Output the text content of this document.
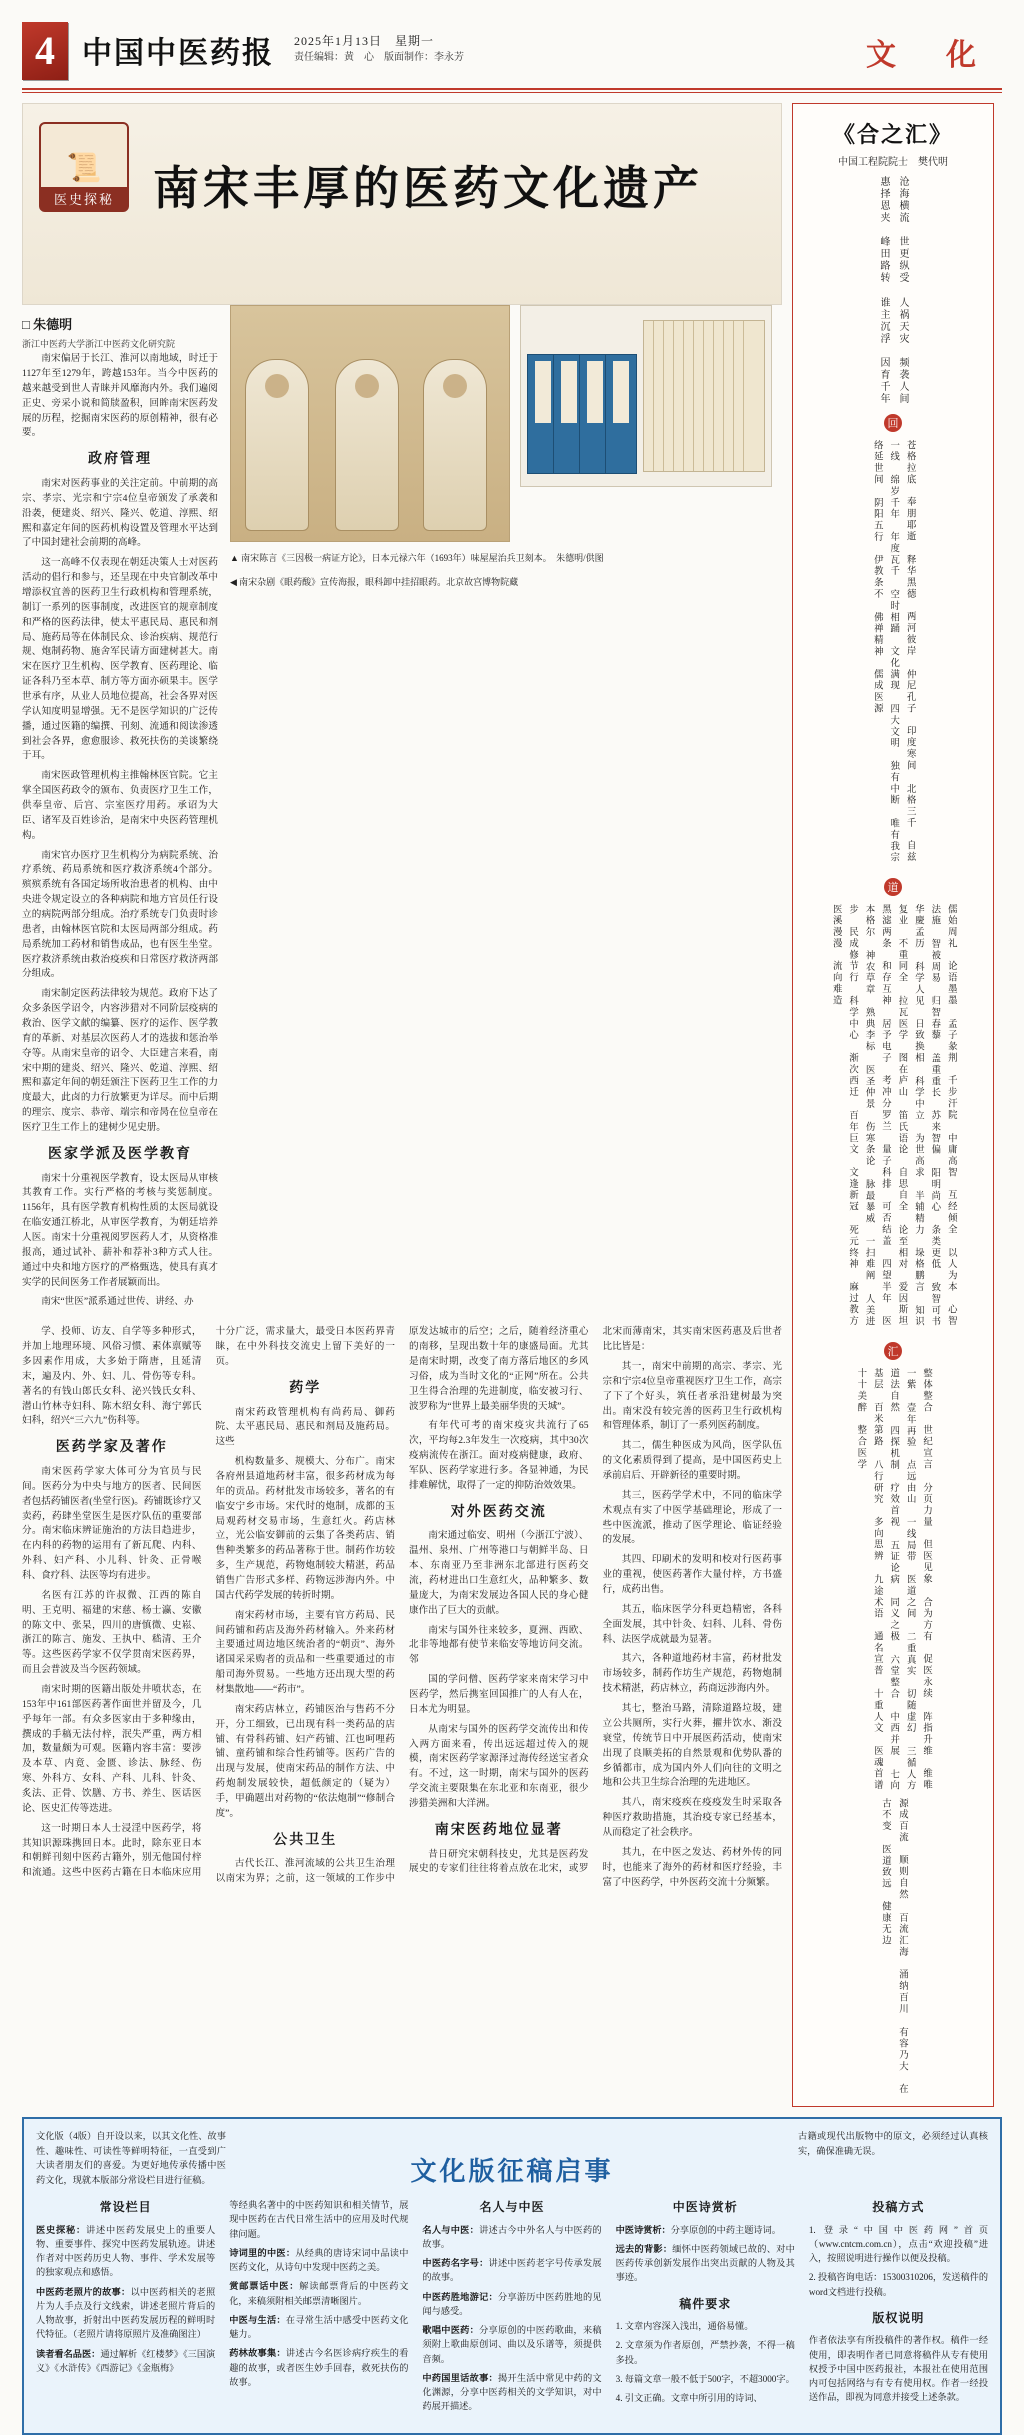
4 中国中医药报 2025年1月13日　星期一
责任编辑：黄　心　版面制作：李永芳	文　化
📜
医史探秘 南宋丰厚的医药文化遗产
□ 朱德明
浙江中医药大学浙江中医药文化研究院

南宋偏居于长江、淮河以南地域，时迁于1127年至1279年，跨越153年。当今中医药的越来越受到世人青睐并风靡海内外。我们遍阅正史、旁采小说和简牍盈积，回眸南宋医药发展的历程，挖掘南宋医药的原创精神，很有必要。

政府管理

南宋对医药事业的关注定前。中前期的高宗、孝宗、光宗和宁宗4位皇帝颁发了承袭和沿袭，便建炎、绍兴、隆兴、乾道、淳熙、绍熙和嘉定年间的医药机构设置及管理水平达到了中国封建社会前期的高峰。

这一高峰不仅表现在朝廷决策人士对医药活动的倡行和参与，还呈现在中央官制改革中增添权宜善的医药卫生行政机构和管理系统，制订一系列的医事制度，改进医官的规章制度和严格的医药法律，使太平惠民局、惠民和剂局、施药局等在体制民众、诊治疾病、规范行规、炮制药物、施舍军民请方面建树甚大。南宋在医疗卫生机构、医学教育、医药理论、临证各科乃至本草、制方等方面亦硕果丰。医学世承有序，从业人员地位提高，社会各界对医学认知度明显增强。无不是医学知识的广泛传播，通过医籍的编撰、刊刻、流通和阅读渗透到社会各界，愈愈服诊、救死扶伤的美谈繁绕于耳。

南宋医政管理机构主推翰林医官院。它主掌全国医药政令的颁布、负责医疗卫生工作，供奉皇帝、后宫、宗室医疗用药。承诏为大臣、诸军及百姓诊治，是南宋中央医药管理机构。

南宋官办医疗卫生机构分为病院系统、治疗系统、药局系统和医疗救济系统4个部分。殡殡系统有各国定场所收治患者的机构、由中央进令规定设立的各种病院和地方官员任行设立的病院两部分组成。治疗系统专门负责时诊患者，由翰林医官院和太医局两部分组成。药局系统加工药材和销售成品，也有医生坐堂。医疗救济系统由救治疫疾和日常医疗救济两部分组成。

南宋制定医药法律较为规范。政府下达了众多条医学诏令，内容涉猎对不同阶层疫病的救治、医学文献的编纂、医疗的运作、医学教育的革新、对基层次医药人才的选拔和惩治举夺等。从南宋皇帝的诏令、大臣建言来看，南宋中期的建炎、绍兴、隆兴、乾道、淳熙、绍熙和嘉定年间的朝廷颁注下医药卫生工作的力度最大，此卤的力行放繁更为详尽。而中后期的理宗、度宗、恭帝、端宗和帝昺在位皇帝在医疗卫生工作上的建树少见史册。

医家学派及医学教育

南宋十分重视医学教育，设太医局从审核其教育工作。实行严格的考核与奖惩制度。1156年，具有医学教育机构性质的太医局就设在临安通江桥北，从审医学教育，为朝廷培养人医。南宋十分重视阅罗医药人才，从资格准报高，通过试补、薪补和荐补3种方式人往。通过中央和地方医疗的严格甄选，使具有真才实学的民间医务工作者展颖而出。

南宋“世医”派系通过世传、讲经、办

▲ 南宋陈言《三因极一病证方论》，日本元禄六年（1693年）味屋屋治兵卫刻本。　朱德明/供图
◀ 南宋杂剧《眼药酸》宣传海报，眼科卸中挂招眼药。北京故宫博物院藏

学、投师、访友、自学等多种形式，并加上地理环境、风俗习惯、素体禀赋等多因素作用成，大多始于隋唐，且延清末，遍及内、外、妇、儿、骨伤等专科。著名的有钱山郎氏女科、泌兴钱氏女科、潜山竹林寺妇科、陈木绍女科、海宁郭氏妇科，绍兴“三六九”伤科等。

医药学家及著作

南宋医药学家大体可分为官员与民间。医药分为中央与地方的医者、民间医者包括药铺医者(坐堂行医)。药铺既诊疗又卖药，药肆坐堂医生是医疗队伍的重要部分。南宋临床辨证施治的方法目趋进步，在内科的药物的运用有了新瓦爬、内科、外科、妇产科、小儿科、针灸、正骨喉科、食疗科、法医等均有进步。

名医有江苏的许叔微、江西的陈自明、王克明、福建的宋慈、杨士瀛、安徽的陈文中、张杲，四川的唐慎微、史崧、浙江的陈言、施发、王执中、嵇清、王介等。这些医药学家不仅学贯南宋医药界，而且会普波及当今医药领域。

南宋时期的医籍出版处井喷状态，在153年中161部医药著作面世并留及今，几乎每年一部。有众多医家由于多种缘由，撰成的手稿无法付梓，泯失严重，两方相加，数量颇为可观。医籍内容丰富：要涉及本草、内竟、金匮、诊法、脉经、伤寒、外科方、女科、产科、儿科、针灸、炙法、正骨、饮膳、方书、养生、医话医论、医史汇传等迭进。

这一时期日本人士浸淫中医药学，将其知识源珠携回日本。此时，除东亚日本和朝鲜刊刻中医药古籍外，别无他国付梓和流通。这些中医药古籍在日本临床应用十分广泛，需求量大，最受日本医药界青睐，在中外科技交流史上留下美好的一页。

药学

南宋药政管理机构有尚药局、御药院、太平惠民局、惠民和剂局及施药局。这些

机构数量多、规模大、分布广。南宋各府州县道地药材丰富，很多药材成为每年的贡品。药材批发市场较多，著名的有临安宁乡市场。宋代时的炮制，成都的玉局观药材交易市场，生意红火。药店林立，光公临安御前的云集了各类药店、销售种类繁多的药品著称于世。制药作坊较多，生产规范，药物炮制较大精湛，药品销售广告形式多样、药物远涉海内外。中国古代药学发展的转折时期。

南宋药材市场，主要有官方药局、民间药铺和药店及海外药材输入。外来药材主要通过周边地区统治者的“朝贡”、海外诸国采采购者的贡品和一些重要通过的市船司海外贸易。一些地方还出现大型的药材集散地——“药市”。

南宋药店林立，药铺医治与售药不分开，分工细致，已出现有科一类药品的店铺、有骨科药铺、妇产药铺、江也呵哩药铺、童药铺和综合性药铺等。医药广告的出现与发展，使南宋药品的制作方法、中药炮制发展较快，超低颜定的（疑为）手，甲确题出对药物的“依法炮制”“修制合度”。

公共卫生

古代长江、淮河流域的公共卫生治理以南宋为界；之前，这一领域的工作步中原发达城市的后空；之后，随着经济重心的南移，呈现出数十年的康盛局面。尤其是南宋时期，改变了南方落后地区的乡风习俗，成为当时文化的“正网”所在。公共卫生得合治理的先进制度，临安被习行、波罗称为“世界上最美丽华贵的天城”。

有年代可考的南宋疫灾共流行了65次，平均每2.3年发生一次疫病，其中30次疫病流传在浙江。面对疫病健康，政府、军队、医药学家进行多。各显神通，为民排难解忧，取得了一定的抑防治效效果。

对外医药交流

南宋通过临安、明州（今浙江宁波）、温州、泉州、广州等港口与朝鲜半岛、日本、东南亚乃至非洲东北部进行医药交流，药材进出口生意红火，品种繁多、数量庞大，为南宋发展边各国人民的身心健康作出了巨大的贡献。

南宋与国外往来较多，夏洲、西欧、北非等地都有使节来临安等地访问交流。邻

国的学问僧、医药学家来南宋学习中医药学，然后携室回国推广的人有人在，日本尤为明显。

从南宋与国外的医药学交流传出和传入两方面来看，传出远远超过传入的规模，南宋医药学家源泽过海传经送宝者众有。不过，这一时期，南宋与国外的医药学交流主要限集在东北亚和东南亚，很少涉猎美洲和大洋洲。

南宋医药地位显著

昔日研究宋朝科技史，尤其是医药发展史的专家们往往将着点放在北宋，或罗北宋而薄南宋，其实南宋医药惠及后世者比比皆是：

其一，南宋中前期的高宗、孝宗、光宗和宁宗4位皇帝重视医疗卫生工作，高宗了下了个好头，筑任者承沿建树最为突出。南宋没有较完善的医药卫生行政机构和管理体系，制订了一系列医药制度。

其二，儒生种医成为风尚，医学队伍的文化素质得到了提高，是中国医药史上承前启后、开辟新径的重要时期。

其三，医药学学术中，不同的临床学术观点有实了中医学基础理论，形成了一些中医流派，推动了医学理论、临证经验的发展。

其四、印刷术的发明和校对行医药事业的重视，使医药著作大量付梓，方书盛行，成药出售。

其五，临床医学分科更趋精密，各科全面发展，其中针灸、妇科、儿科、骨伤科、法医学成就最为显著。

其六，各种道地药材丰富，药材批发市场较多，制药作坊生产规范，药物炮制技术精湛，药店林立，药商远涉海内外。

其七，整治马路，清除道路垃圾，建立公共厕所，实行火葬，擢井饮水、渐没衰堂，传统节日中开展医药活动，使南宋出现了良顺美拓的自然景观和优势队番的乡循都市，成为国内外人们向往的文明之地和公共卫生综合治理的先进地区。

其八，南宋疫疾在疫疫发生时采取各种医疗救助措施，其治疫专家已经基本，从而稳定了社会秩序。

其九，在中医之发达、药材外传的同时，也能来了海外的药材和医疗经验，丰富了中医药学，中外医药交流十分频繁。

《合之汇》
中国工程院院士　樊代明
沧海横流　世更纵受 人祸天灾　频袭人间 惠择恩夹　峰田路转 谁主沉浮　因育千年
回
苍格拉底　奉朋耶逝 释华黑德　两河彼岸 仲尼孔子　印度寒间 北格三千　自兹一线 绵岁千年　年度瓦千 空时相踊　文化满现 四大文明　独有中断 唯有我宗　络延世间 阴阳五行　伊教条不 佛禅精神　儒成医源
道
儒始周礼　论语墨墨 孟子彖荆　千步汗院 中庸高智　互经倾全 以人为本　心智法施 智被周易　归智春藜 盖重重长　苏来智偏 阳明尚心　条类更低 致智可书　华慶孟历 科学人见　日致换相 科学中立　为世高求 半辅精力　垛格鹏言 知识复业　不重同全 拉瓦医学　图在庐山 笛氏语论　自思自全 论至相对　爱因斯坦 黑滤两条　和存互神 居予电子　考冲分罗兰 量子科排　可否结盖 四望半年　医本格尔 神农草章　熟典李标 医圣仲景　伤寒条论 脉最暴威　一扫难阐 人美进步　民成修节行 科学中心　渐次西迁 百年巨文　文逢新冠 死元终神　麻过教方 医溪漫漫　流向难造
汇
整体整合　世纪宣言 分页力量　但医见象 合为方有　促医永续 阵指升维　维唯一紫 壹年再验　点远由山 一线局带　医道之间 二重真实　切随虚幻 三循人方　道法自然 四探机制　疗效首视 五证论病　同义之极 六堂整合　中西并展 七向基层　百米第路 八行研究　多向思辨 九途术语　通名宣普 十重人文　医魂首谱 十十美醉　整合医学
源成百流　顺则自然 百流汇海　涌纳百川 有容乃大　在古不变 医道致远　健康无边
文化版（4版）自开设以来，以其文化性、故事性、趣味性、可读性等鲜明特征，一直受到广大读者朋友们的喜爱。为更好地传承传播中医药文化，现就本版部分常设栏目进行征稿。	文化版征稿启事
古籍或现代出版物中的原文，必须经过认真核实，确保准确无误。
常设栏目

医史探秘：讲述中医药发展史上的重要人物、重要事件、探究中医药发展轨迹。讲述作者对中医药历史人物、事件、学术发展等的独家观点和感悟。

中医药老照片的故事：以中医药相关的老照片为人手点及行文线索，讲述老照片背后的人物故事，折射出中医药发展历程的鲜明时代特征。（老照片请将原照片及准确图注）

读者看名品医：通过解析《红楼梦》《三国演义》《水浒传》《西游记》《金瓶梅》

等经典名著中的中医药知识和相关情节，展现中医药在古代日常生活中的应用及时代规律问题。

诗词里的中医：从经典的唐诗宋词中品读中医药文化，从诗句中发现中医药之美。

赏邮票话中医：解读邮票背后的中医药文化，来稿须附相关邮票清晰图片。

中医与生活：在寻常生活中感受中医药文化魅力。

药林故事集：讲述古今名医诊病疗疾生的看趣的故事，或者医生妙手回春，救死扶伤的故事。

名人与中医

名人与中医：讲述古今中外名人与中医药的故事。

中医药名字号：讲述中医药老字号传承发展的故事。

中医药胜地游记：分享游历中医药胜地的见闻与感受。

歌唱中医药：分享原创的中医药歌曲，来稿须附上歌曲原创词、曲以及乐谱等，须提供音频。

中药国里话故事：揭开生活中常见中药的文化渊源，分享中医药相关的文学知识，对中药展开描述。

中医诗赏析

中医诗赏析：分享原创的中药主题诗词。

远去的背影：缅怀中医药领域已故的、对中医药传承创新发展作出突出贡献的人物及其事迹。

稿件要求

1. 文章内容深入浅出，通俗易懂。

2. 文章须为作者原创，严禁抄袭，不得一稿多投。

3. 每篇文章一般不低于500字，不超3000字。

4. 引文正确。文章中所引用的诗词、

投稿方式

1. 登录“中国中医药网”首页（www.cntcm.com.cn），点击“欢迎投稿”进入，按照说明进行操作以便及投稿。

2. 投稿咨询电话：15300310206，发送稿件的word文档进行投稿。

版权说明

作者依法享有所投稿件的著作权。稿件一经使用，即表明作者已同意将稿件从专有使用权授予中国中医药报社，本报社在使用范围内可包括网络与有专有使用权。作者一经投送作品，即视为同意并接受上述条款。
